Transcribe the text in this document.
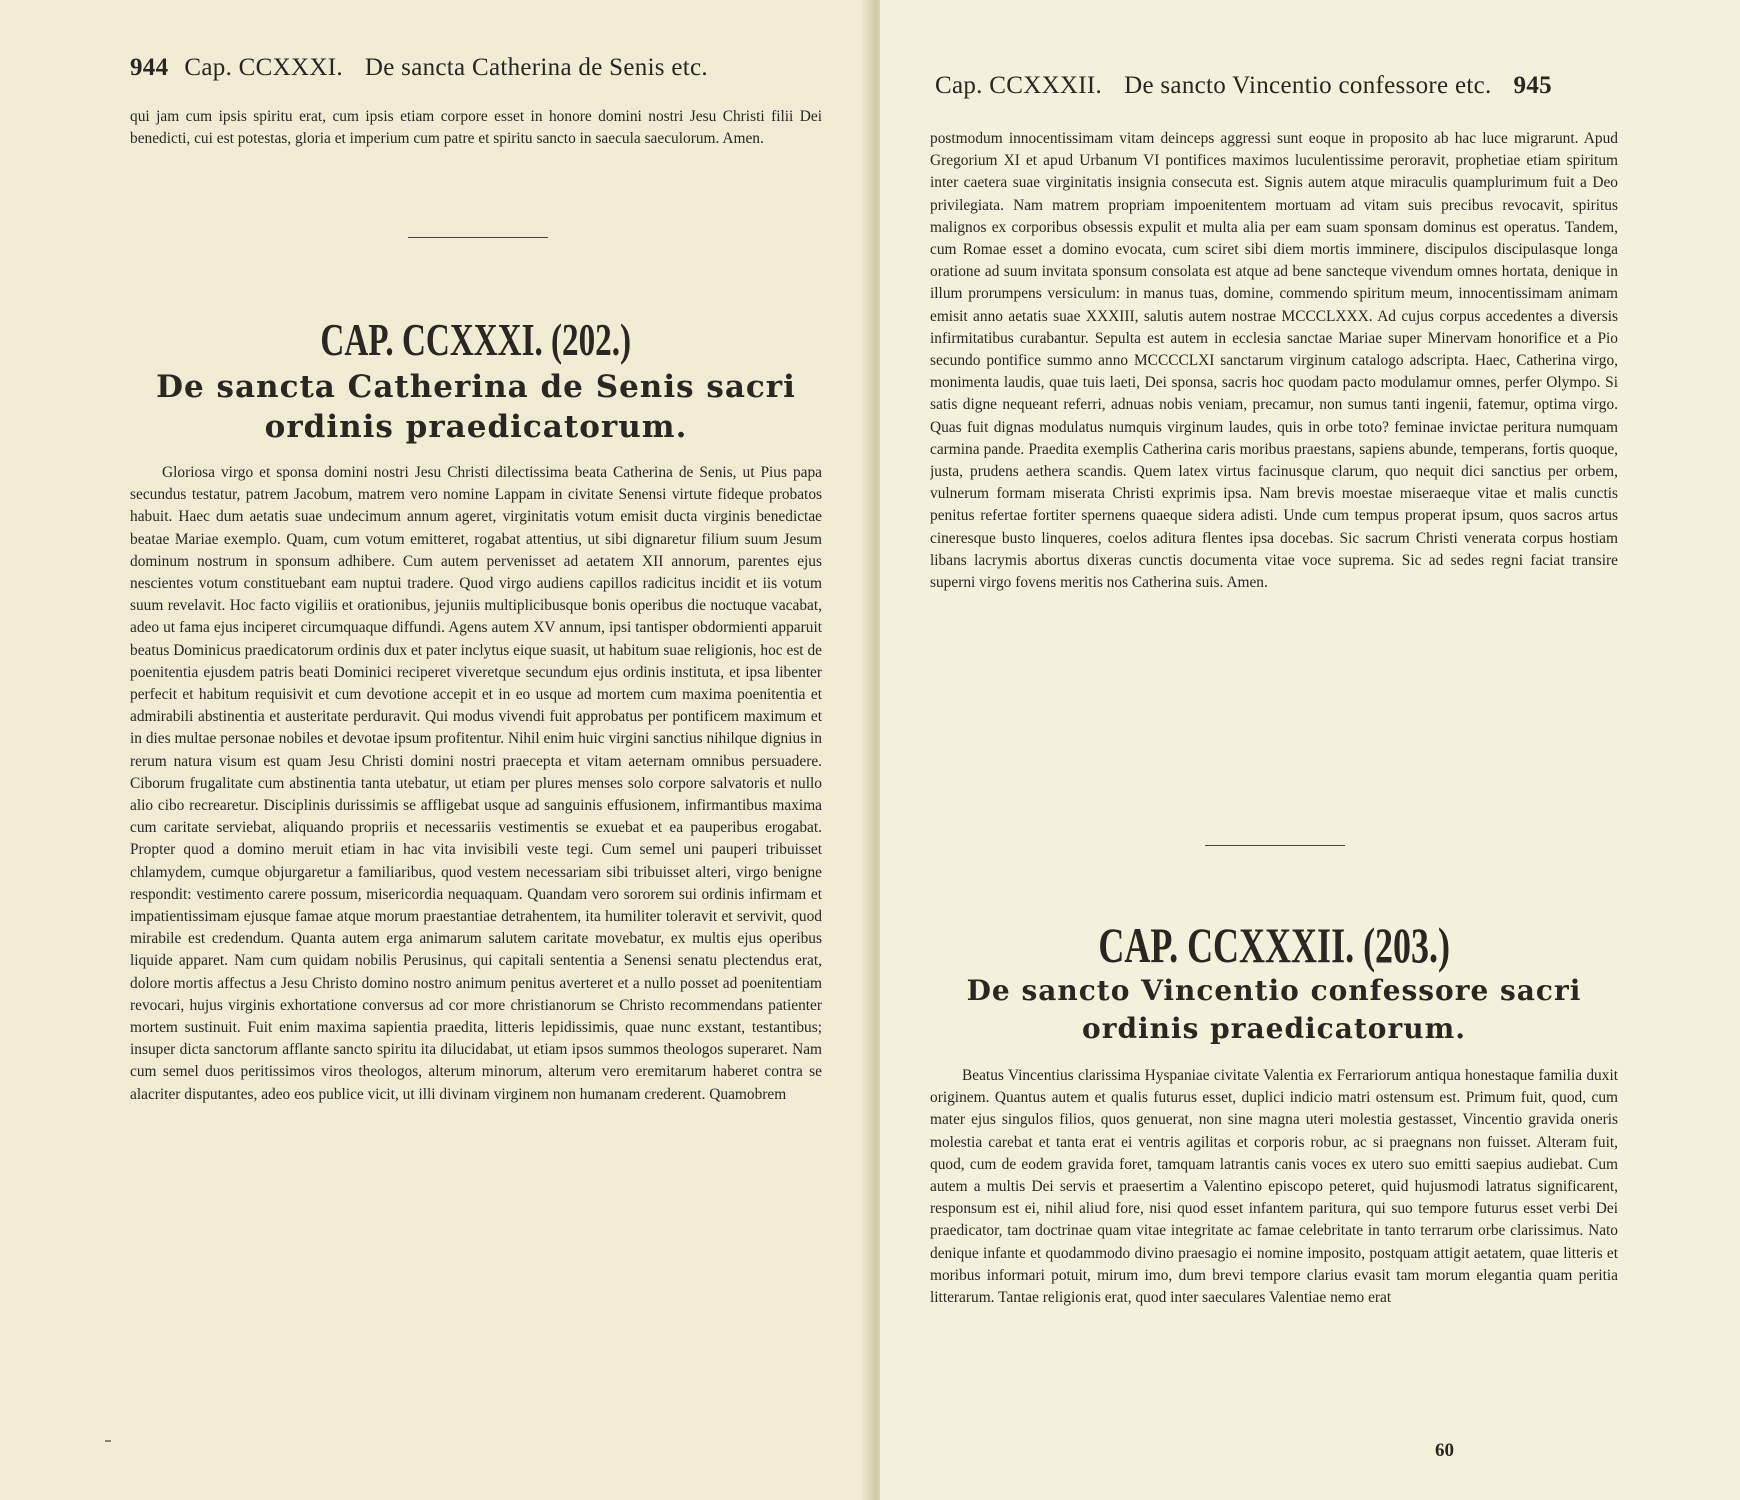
944 Cap. CCXXXI. De sancta Catherina de Senis etc.

qui jam cum ipsis spiritu erat, cum ipsis etiam corpore esset in honore domini nostri Jesu Christi filii Dei benedicti, cui est potestas, gloria et imperium cum patre et spiritu sancto in saecula saeculorum. Amen.

CAP. CCXXXI. (202.)
De sancta Catherina de Senis sacri
ordinis praedicatorum.

Gloriosa virgo et sponsa domini nostri Jesu Christi dilectissima beata Catherina de Senis, ut Pius papa secundus testatur, patrem Jacobum, matrem vero nomine Lappam in civitate Senensi virtute fideque probatos habuit. Haec dum aetatis suae undecimum annum ageret, virginitatis votum emisit ducta virginis benedictae beatae Mariae exemplo. Quam, cum votum emitteret, rogabat attentius, ut sibi dignaretur filium suum Jesum dominum nostrum in sponsum adhibere. Cum autem pervenisset ad aetatem XII annorum, parentes ejus nescientes votum constituebant eam nuptui tradere. Quod virgo audiens capillos radicitus incidit et iis votum suum revelavit. Hoc facto vigiliis et orationibus, jejuniis multiplicibusque bonis operibus die noctuque vacabat, adeo ut fama ejus inciperet circumquaque diffundi. Agens autem XV annum, ipsi tantisper obdormienti apparuit beatus Dominicus praedicatorum ordinis dux et pater inclytus eique suasit, ut habitum suae religionis, hoc est de poenitentia ejusdem patris beati Dominici reciperet viveretque secundum ejus ordinis instituta, et ipsa libenter perfecit et habitum requisivit et cum devotione accepit et in eo usque ad mortem cum maxima poenitentia et admirabili abstinentia et austeritate perduravit. Qui modus vivendi fuit approbatus per pontificem maximum et in dies multae personae nobiles et devotae ipsum profitentur. Nihil enim huic virgini sanctius nihilque dignius in rerum natura visum est quam Jesu Christi domini nostri praecepta et vitam aeternam omnibus persuadere. Ciborum frugalitate cum abstinentia tanta utebatur, ut etiam per plures menses solo corpore salvatoris et nullo alio cibo recrearetur. Disciplinis durissimis se affligebat usque ad sanguinis effusionem, infirmantibus maxima cum caritate serviebat, aliquando propriis et necessariis vestimentis se exuebat et ea pauperibus erogabat. Propter quod a domino meruit etiam in hac vita invisibili veste tegi. Cum semel uni pauperi tribuisset chlamydem, cumque objurgaretur a familiaribus, quod vestem necessariam sibi tribuisset alteri, virgo benigne respondit: vestimento carere possum, misericordia nequaquam. Quandam vero sororem sui ordinis infirmam et impatientissimam ejusque famae atque morum praestantiae detrahentem, ita humiliter toleravit et servivit, quod mirabile est credendum. Quanta autem erga animarum salutem caritate movebatur, ex multis ejus operibus liquide apparet. Nam cum quidam nobilis Perusinus, qui capitali sententia a Senensi senatu plectendus erat, dolore mortis affectus a Jesu Christo domino nostro animum penitus averteret et a nullo posset ad poenitentiam revocari, hujus virginis exhortatione conversus ad cor more christianorum se Christo recommendans patienter mortem sustinuit. Fuit enim maxima sapientia praedita, litteris lepidissimis, quae nunc exstant, testantibus; insuper dicta sanctorum afflante sancto spiritu ita dilucidabat, ut etiam ipsos summos theologos superaret. Nam cum semel duos peritissimos viros theologos, alterum minorum, alterum vero eremitarum haberet contra se alacriter disputantes, adeo eos publice vicit, ut illi divinam virginem non humanam crederent. Quamobrem

Cap. CCXXXII. De sancto Vincentio confessore etc. 945

postmodum innocentissimam vitam deinceps aggressi sunt eoque in proposito ab hac luce migrarunt. Apud Gregorium XI et apud Urbanum VI pontifices maximos luculentissime peroravit, prophetiae etiam spiritum inter caetera suae virginitatis insignia consecuta est. Signis autem atque miraculis quamplurimum fuit a Deo privilegiata. Nam matrem propriam impoenitentem mortuam ad vitam suis precibus revocavit, spiritus malignos ex corporibus obsessis expulit et multa alia per eam suam sponsam dominus est operatus. Tandem, cum Romae esset a domino evocata, cum sciret sibi diem mortis imminere, discipulos discipulasque longa oratione ad suum invitata sponsum consolata est atque ad bene sancteque vivendum omnes hortata, denique in illum prorumpens versiculum: in manus tuas, domine, commendo spiritum meum, innocentissimam animam emisit anno aetatis suae XXXIII, salutis autem nostrae MCCCLXXX. Ad cujus corpus accedentes a diversis infirmitatibus curabantur. Sepulta est autem in ecclesia sanctae Mariae super Minervam honorifice et a Pio secundo pontifice summo anno MCCCCLXI sanctarum virginum catalogo adscripta. Haec, Catherina virgo, monimenta laudis, quae tuis laeti, Dei sponsa, sacris hoc quodam pacto modulamur omnes, perfer Olympo. Si satis digne nequeant referri, adnuas nobis veniam, precamur, non sumus tanti ingenii, fatemur, optima virgo. Quas fuit dignas modulatus numquis virginum laudes, quis in orbe toto? feminae invictae peritura numquam carmina pande. Praedita exemplis Catherina caris moribus praestans, sapiens abunde, temperans, fortis quoque, justa, prudens aethera scandis. Quem latex virtus facinusque clarum, quo nequit dici sanctius per orbem, vulnerum formam miserata Christi exprimis ipsa. Nam brevis moestae miseraeque vitae et malis cunctis penitus refertae fortiter spernens quaeque sidera adisti. Unde cum tempus properat ipsum, quos sacros artus cineresque busto linqueres, coelos aditura flentes ipsa docebas. Sic sacrum Christi venerata corpus hostiam libans lacrymis abortus dixeras cunctis documenta vitae voce suprema. Sic ad sedes regni faciat transire superni virgo fovens meritis nos Catherina suis. Amen.

CAP. CCXXXII. (203.)
De sancto Vincentio confessore sacri
ordinis praedicatorum.

Beatus Vincentius clarissima Hyspaniae civitate Valentia ex Ferrariorum antiqua honestaque familia duxit originem. Quantus autem et qualis futurus esset, duplici indicio matri ostensum est. Primum fuit, quod, cum mater ejus singulos filios, quos genuerat, non sine magna uteri molestia gestasset, Vincentio gravida oneris molestia carebat et tanta erat ei ventris agilitas et corporis robur, ac si praegnans non fuisset. Alteram fuit, quod, cum de eodem gravida foret, tamquam latrantis canis voces ex utero suo emitti saepius audiebat. Cum autem a multis Dei servis et praesertim a Valentino episcopo peteret, quid hujusmodi latratus significarent, responsum est ei, nihil aliud fore, nisi quod esset infantem paritura, qui suo tempore futurus esset verbi Dei praedicator, tam doctrinae quam vitae integritate ac famae celebritate in tanto terrarum orbe clarissimus. Nato denique infante et quodammodo divino praesagio ei nomine imposito, postquam attigit aetatem, quae litteris et moribus informari potuit, mirum imo, dum brevi tempore clarius evasit tam morum elegantia quam peritia litterarum. Tantae religionis erat, quod inter saeculares Valentiae nemo erat

60
